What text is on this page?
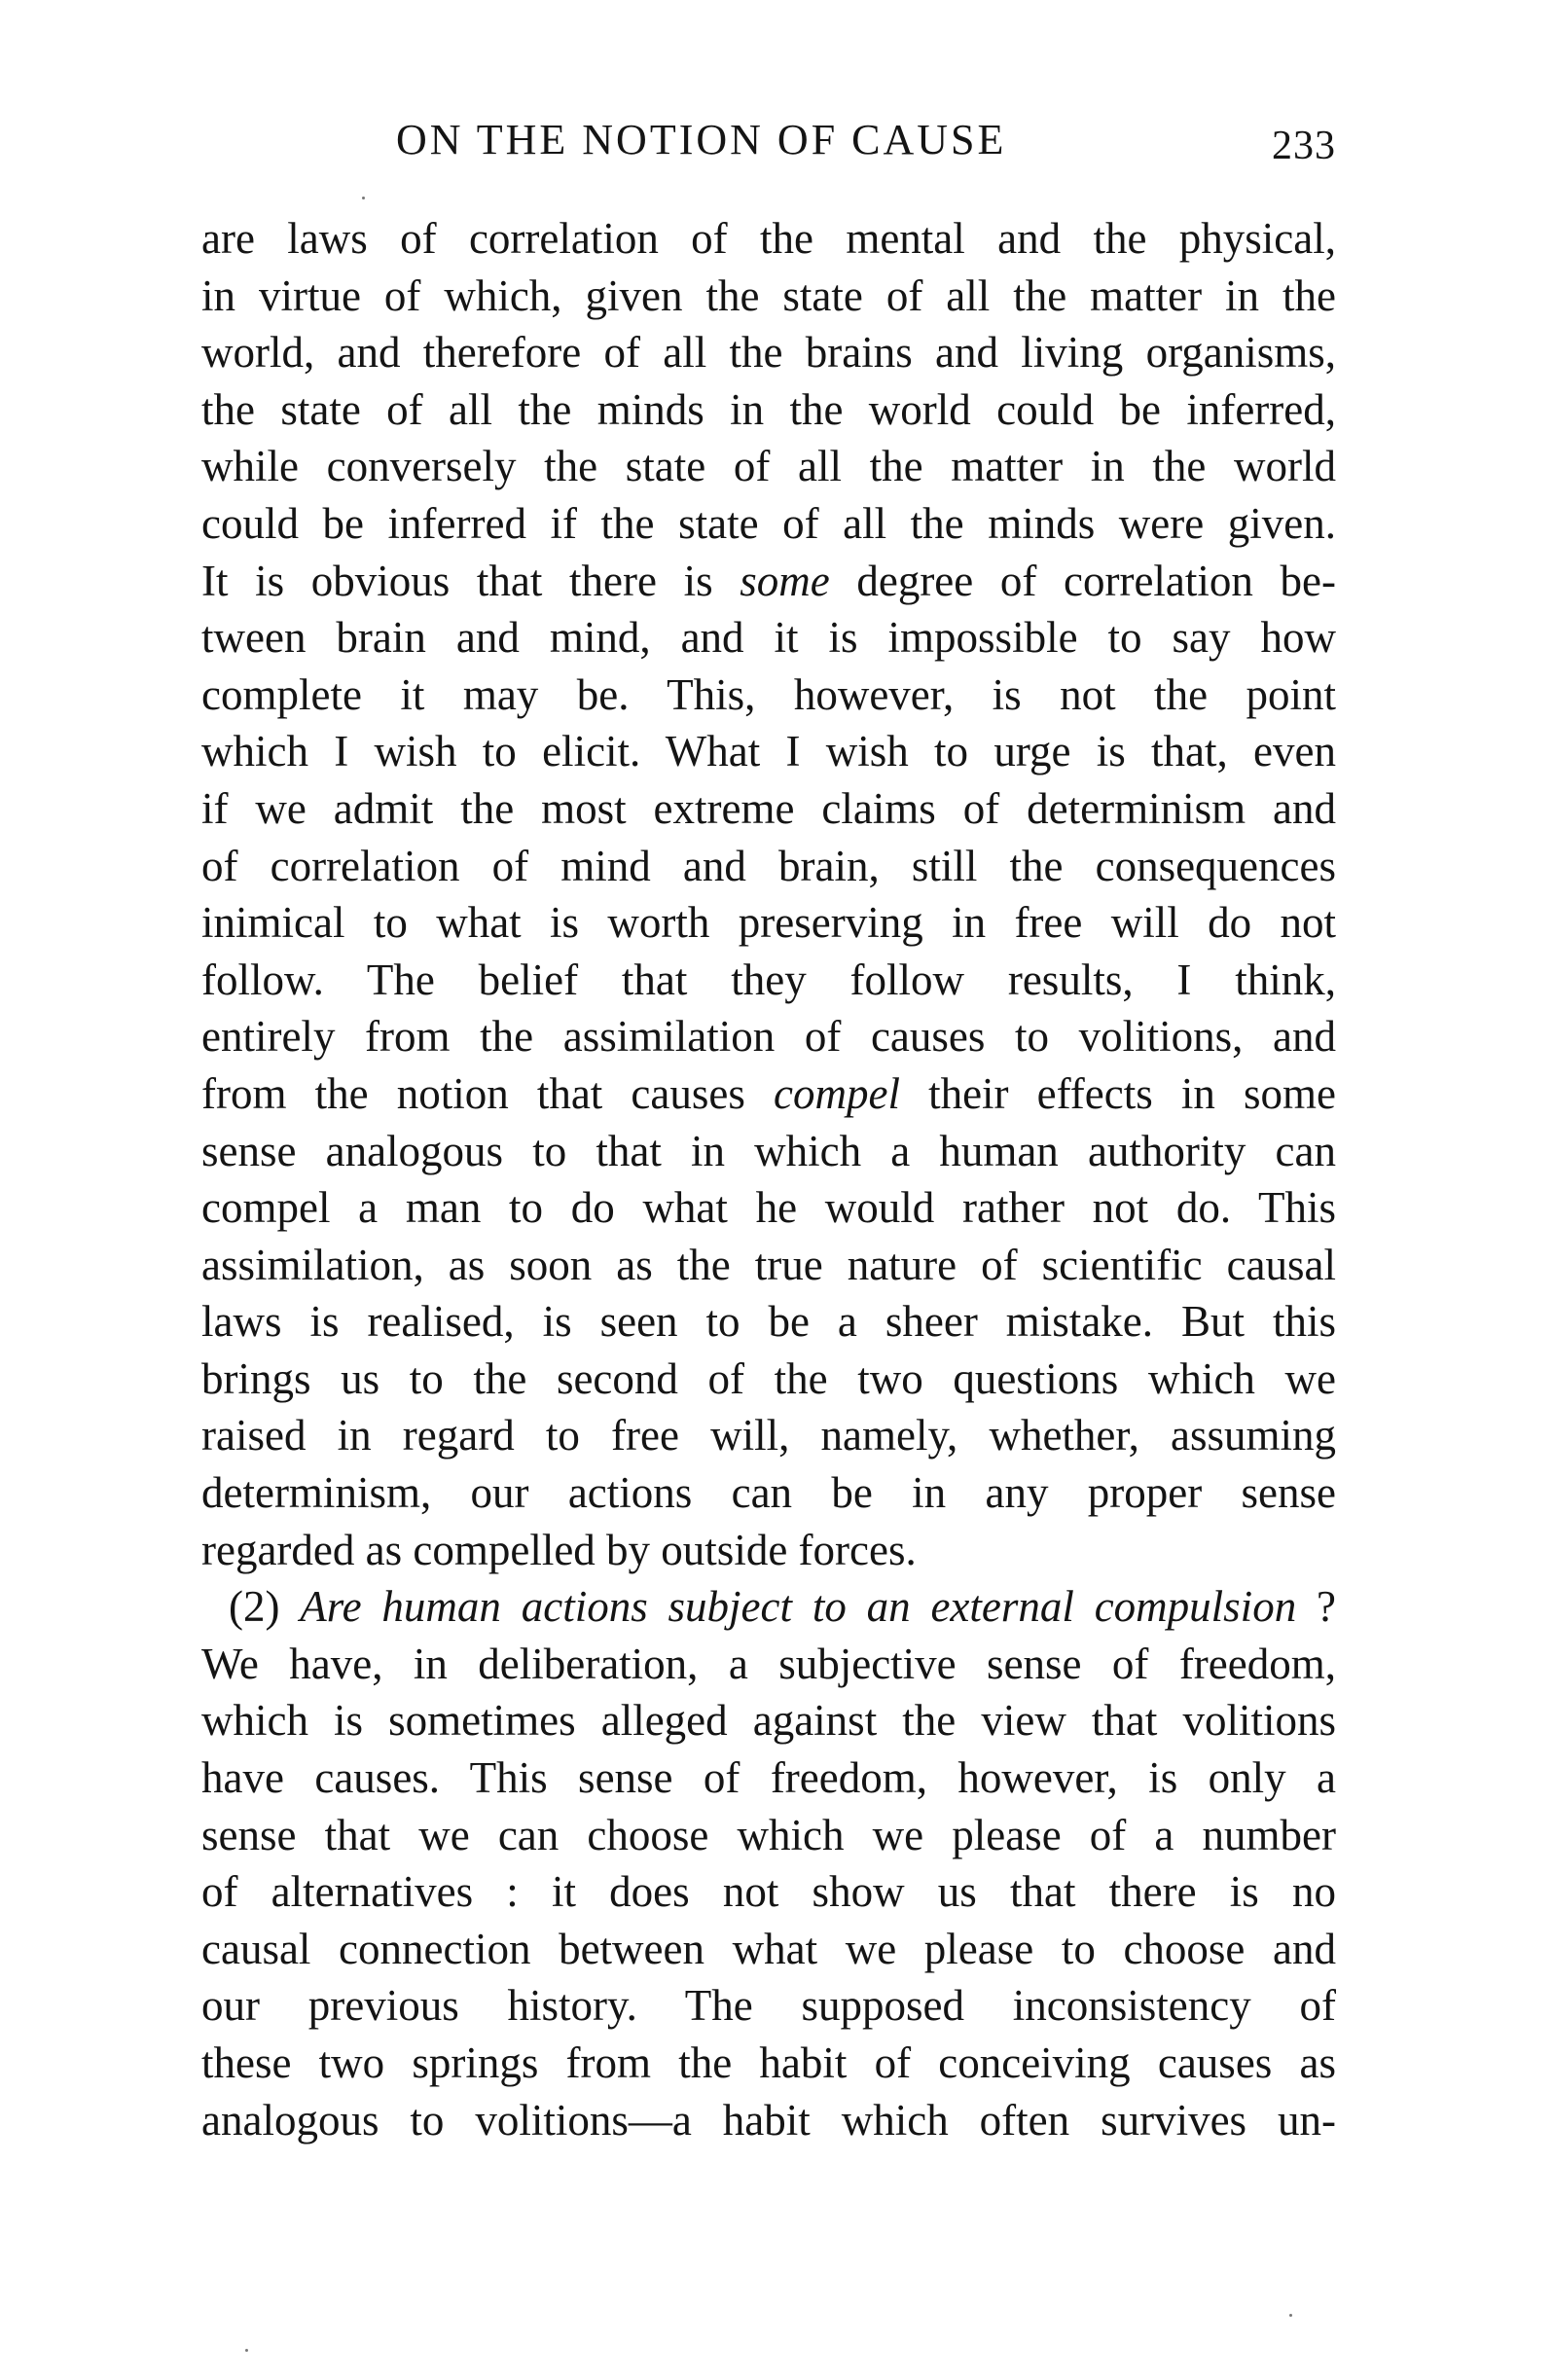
ON THE NOTION OF CAUSE	233
are laws of correlation of the mental and the physical,
in virtue of which, given the state of all the matter in the
world, and therefore of all the brains and living organisms,
the state of all the minds in the world could be inferred,
while conversely the state of all the matter in the world
could be inferred if the state of all the minds were given.
It is obvious that there is some degree of correlation be-
tween brain and mind, and it is impossible to say how
complete it may be. This, however, is not the point
which I wish to elicit. What I wish to urge is that, even
if we admit the most extreme claims of determinism and
of correlation of mind and brain, still the consequences
inimical to what is worth preserving in free will do not
follow. The belief that they follow results, I think,
entirely from the assimilation of causes to volitions, and
from the notion that causes compel their effects in some
sense analogous to that in which a human authority can
compel a man to do what he would rather not do. This
assimilation, as soon as the true nature of scientific causal
laws is realised, is seen to be a sheer mistake. But this
brings us to the second of the two questions which we
raised in regard to free will, namely, whether, assuming
determinism, our actions can be in any proper sense
regarded as compelled by outside forces.
(2) Are human actions subject to an external compulsion ?
We have, in deliberation, a subjective sense of freedom,
which is sometimes alleged against the view that volitions
have causes. This sense of freedom, however, is only a
sense that we can choose which we please of a number
of alternatives : it does not show us that there is no
causal connection between what we please to choose and
our previous history. The supposed inconsistency of
these two springs from the habit of conceiving causes as
analogous to volitions—a habit which often survives un-
